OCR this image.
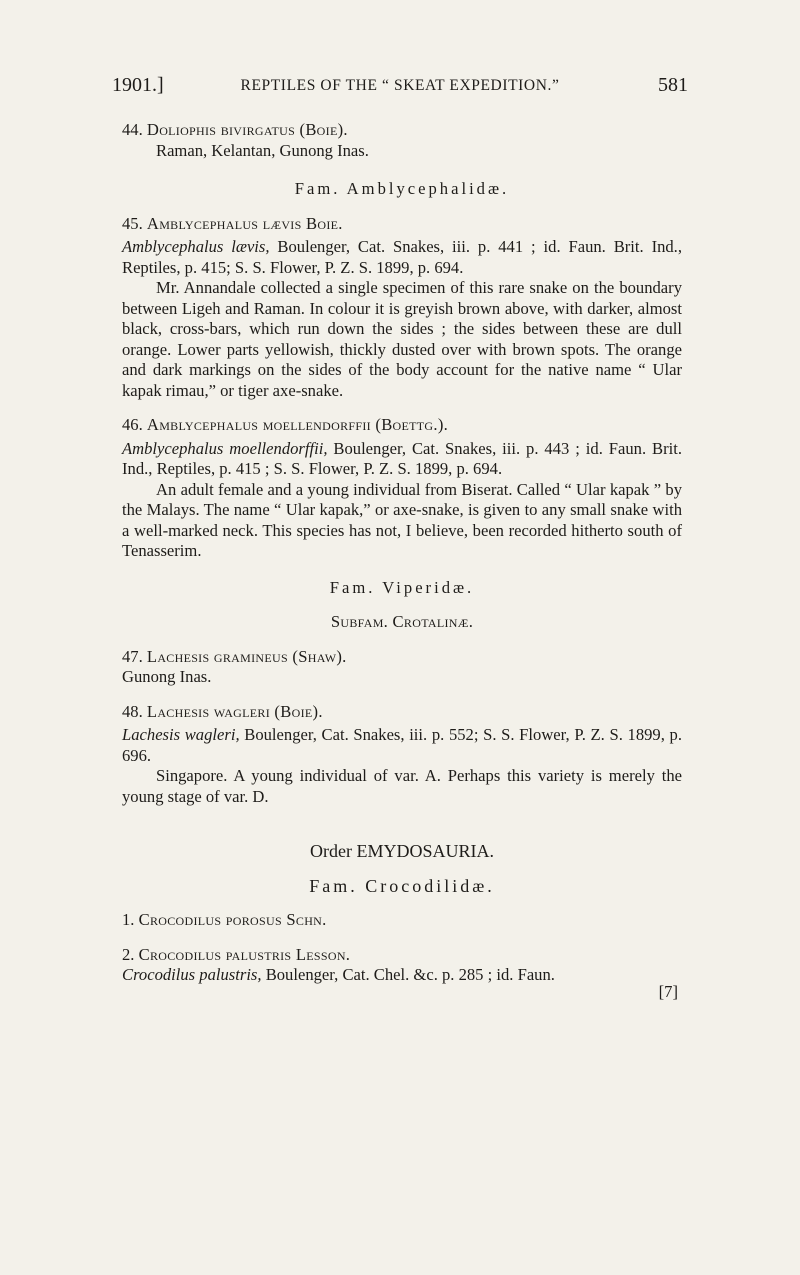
1901.]	REPTILES OF THE “ SKEAT EXPEDITION.”	581

44. Doliophis bivirgatus (Boie).

Raman, Kelantan, Gunong Inas.

Fam. Amblycephalidæ.

45. Amblycephalus lævis Boie.

Amblycephalus lævis, Boulenger, Cat. Snakes, iii. p. 441 ; id. Faun. Brit. Ind., Reptiles, p. 415; S. S. Flower, P. Z. S. 1899, p. 694.

Mr. Annandale collected a single specimen of this rare snake on the boundary between Ligeh and Raman. In colour it is greyish brown above, with darker, almost black, cross-bars, which run down the sides ; the sides between these are dull orange. Lower parts yellowish, thickly dusted over with brown spots. The orange and dark markings on the sides of the body account for the native name “ Ular kapak rimau,” or tiger axe-snake.

46. Amblycephalus moellendorffii (Boettg.).

Amblycephalus moellendorffii, Boulenger, Cat. Snakes, iii. p. 443 ; id. Faun. Brit. Ind., Reptiles, p. 415 ; S. S. Flower, P. Z. S. 1899, p. 694.

An adult female and a young individual from Biserat. Called “ Ular kapak ” by the Malays. The name “ Ular kapak,” or axe-snake, is given to any small snake with a well-marked neck. This species has not, I believe, been recorded hitherto south of Tenasserim.

Fam. Viperidæ.

Subfam. Crotalinæ.

47. Lachesis gramineus (Shaw).

Gunong Inas.

48. Lachesis wagleri (Boie).

Lachesis wagleri, Boulenger, Cat. Snakes, iii. p. 552; S. S. Flower, P. Z. S. 1899, p. 696.

Singapore. A young individual of var. A. Perhaps this variety is merely the young stage of var. D.

Order EMYDOSAURIA.

Fam. Crocodilidæ.

1. Crocodilus porosus Schn.

2. Crocodilus palustris Lesson.

Crocodilus palustris, Boulenger, Cat. Chel. &c. p. 285 ; id. Faun.

[7]
